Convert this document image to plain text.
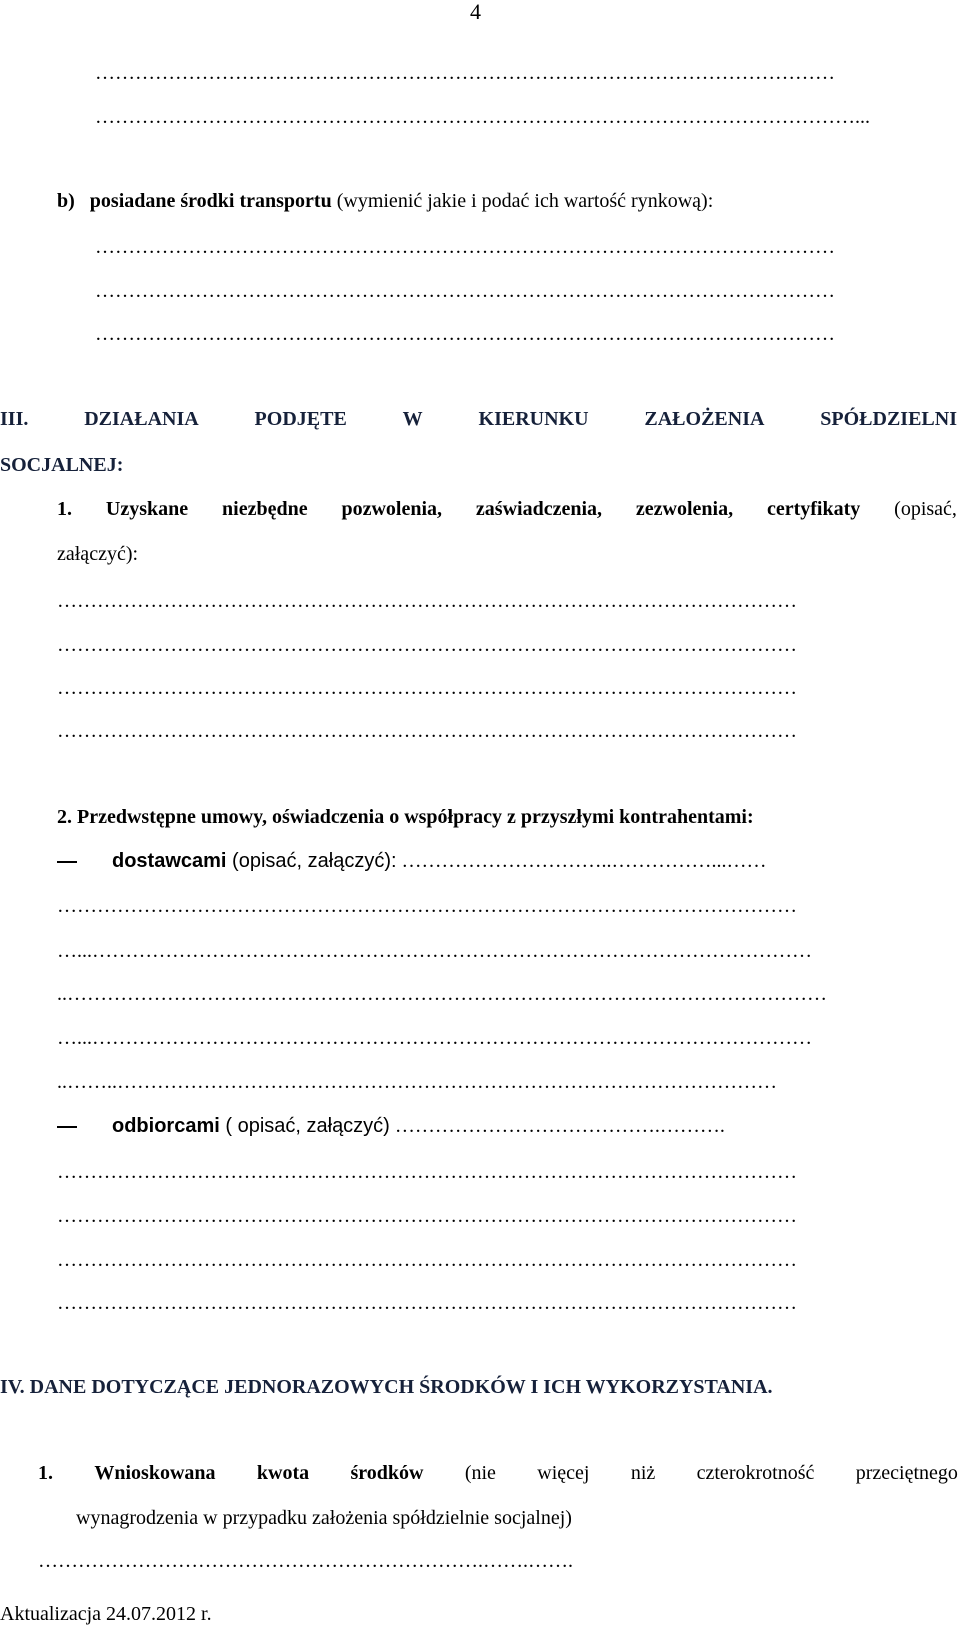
4
…………………………………………………………………………………………………
……………………………………………………………………………………………………...
b) posiadane środki transportu (wymienić jakie i podać ich wartość rynkową):
…………………………………………………………………………………………………
…………………………………………………………………………………………………
…………………………………………………………………………………………………
III.	DZIAŁANIA	PODJĘTE	W	KIERUNKU	ZAŁOŻENIA	SPÓŁDZIELNI
SOCJALNEJ:
1. Uzyskane niezbędne pozwolenia, zaświadczenia, zezwolenia, certyfikaty (opisać,
załączyć):
…………………………………………………………………………………………………
…………………………………………………………………………………………………
…………………………………………………………………………………………………
…………………………………………………………………………………………………
2. Przedwstępne umowy, oświadczenia o współpracy z przyszłymi kontrahentami:
dostawcami (opisać, załączyć): …………………………..……………...……
…………………………………………………………………………………………………
…...………………………………………………………………………………………………
..……………………………………………………………………………………………………
…...………………………………………………………………………………………………
..……..………………………………………………………………………………………
odbiorcami ( opisać, załączyć) ………………………………….……….
…………………………………………………………………………………………………
…………………………………………………………………………………………………
…………………………………………………………………………………………………
…………………………………………………………………………………………………
IV. DANE DOTYCZĄCE JEDNORAZOWYCH ŚRODKÓW I ICH WYKORZYSTANIA.
1. Wnioskowana kwota środków (nie więcej niż czterokrotność przeciętnego
wynagrodzenia w przypadku założenia spółdzielnie socjalnej)
………………………………………………………….…….…….
Aktualizacja 24.07.2012 r.
